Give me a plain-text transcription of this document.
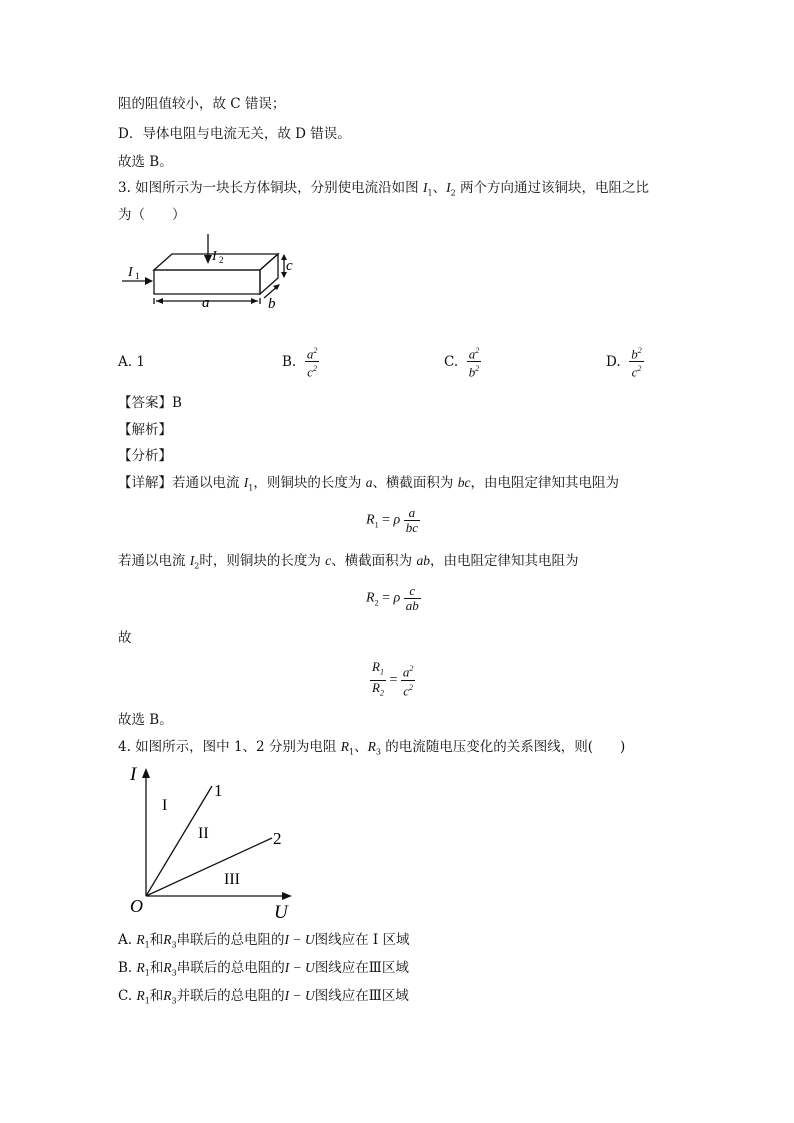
阻的阻值较小，故 C 错误；
D．导体电阻与电流无关，故 D 错误。
故选 B。
3. 如图所示为一块长方体铜块，分别使电流沿如图 $I_1$、$I_2$ 两个方向通过该铜块，电阻之比
为（　　）
I 2
I 1
a	b
c
A. 1	B. $\frac{a^2}{c^2}$	C. $\frac{a^2}{b^2}$	D. $\frac{b^2}{c^2}$
【答案】B
【解析】
【分析】
【详解】若通以电流 $I_1$，则铜块的长度为 a、横截面积为 bc，由电阻定律知其电阻为
$R_1 = \rho \frac{a}{bc}$
若通以电流 $I_2$时，则铜块的长度为 c、横截面积为 ab，由电阻定律知其电阻为
$R_2 = \rho \frac{c}{ab}$
故
$\frac{R_1}{R_2} = \frac{a^2}{c^2}$
故选 B。
4. 如图所示，图中 1、2 分别为电阻 $R_1$、$R_3$ 的电流随电压变化的关系图线，则(　　)
I
U
O
1
2
I
II
III
A. $R_1$和$R_3$串联后的总电阻的I − U图线应在 Ⅰ 区域
B. $R_1$和$R_3$串联后的总电阻的I − U图线应在Ⅲ区域
C. $R_1$和$R_3$并联后的总电阻的I − U图线应在Ⅲ区域
